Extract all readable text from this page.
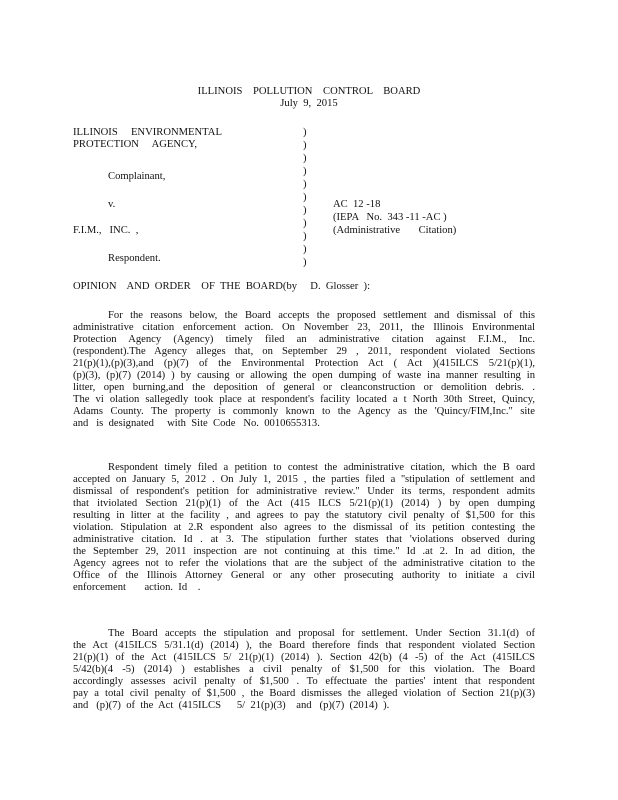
ILLINOIS    POLLUTION    CONTROL    BOARD
July  9,  2015
ILLINOIS     ENVIRONMENTAL
PROTECTION     AGENCY,
Complainant,
v.
F.I.M.,   INC.  ,
Respondent.
)
)
)
)
)
)
)
)
)
)
)
AC  12 -18
(IEPA   No.  343 -11 -AC )
(Administrative       Citation)
OPINION    AND  ORDER    OF  THE  BOARD(by     D.  Glosser  ):
For the reasons below, the Board accepts the proposed settlement and dismissal of this
administrative citation enforcement action. On November 23, 2011, the Illinois Environmental
Protection Agency (Agency) timely filed an administrative citation against F.I.M., Inc.
(respondent).The Agency alleges that, on September 29 , 2011, respondent violated Sections
21(p)(1),(p)(3),and (p)(7) of the Environmental Protection Act ( Act )(415ILCS 5/21(p)(1),
(p)(3), (p)(7) (2014) ) by causing or allowing the open dumping of waste ina manner resulting in
litter, open burning,and the deposition of general or cleanconstruction or demolition debris. .
The vi olation sallegedly took place at respondent's facility located a t North 30th Street, Quincy,
Adams County. The property is commonly known to the Agency as the 'Quincy/FIM,Inc." site
and   is  designated     with  Site  Code   No.  0010655313.
Respondent timely filed a petition to contest the administrative citation, which the B oard
accepted on January 5, 2012 . On July 1, 2015 , the parties filed a ''stipulation of settlement and
dismissal of respondent's petition for administrative review." Under its terms, respondent admits
that itviolated Section 21(p)(1) of the Act (415 ILCS 5/21(p)(1) (2014) ) by open dumping
resulting in litter at the facility , and agrees to pay the statutory civil penalty of $1,500 for this
violation. Stipulation at 2.R espondent also agrees to the dismissal of its petition contesting the
administrative citation. Id . at 3. The stipulation further states that 'violations observed during
the September 29, 2011 inspection are not continuing at this time." Id .at 2. In ad dition, the
Agency agrees not to refer the violations that are the subject of the administrative citation to the
Office of the Illinois Attorney General or any other prosecuting authority to initiate a civil
enforcement       action.  Id    .
The Board accepts the stipulation and proposal for settlement. Under Section 31.1(d) of
the Act (415ILCS 5/31.1(d) (2014) ), the Board therefore finds that respondent violated Section
21(p)(1) of the Act (415ILCS 5/ 21(p)(1) (2014) ). Section 42(b) (4 -5) of the Act (415ILCS
5/42(b)(4 -5) (2014) ) establishes a civil penalty of $1,500 for this violation. The Board
accordingly assesses acivil penalty of $1,500 . To effectuate the parties' intent that respondent
pay a total civil penalty of $1,500 , the Board dismisses the alleged violation of Section 21(p)(3)
and   (p)(7)  of  the  Act  (415ILCS      5/  21(p)(3)    and   (p)(7)  (2014)  ).
